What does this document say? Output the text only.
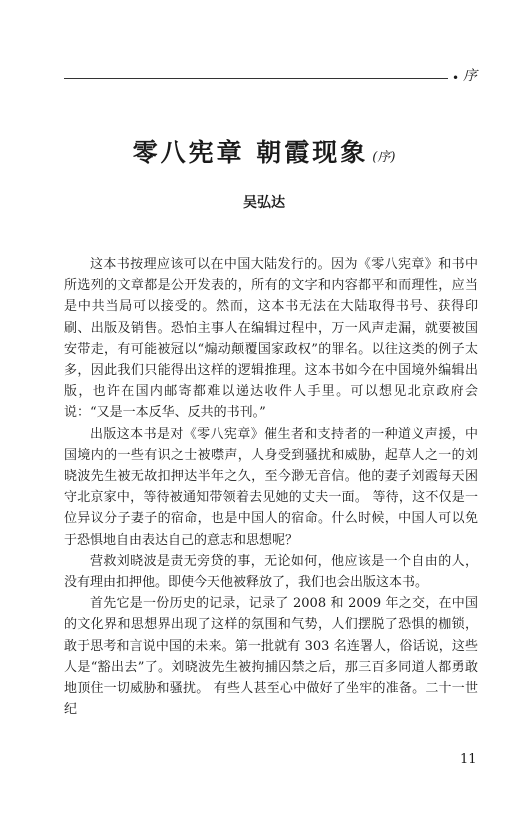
• 序
零八宪章 朝霞现象 (序)
吴弘达

这本书按理应该可以在中国大陆发行的。因为《零八宪章》和书中所选列的文章都是公开发表的，所有的文字和内容都平和而理性，应当是中共当局可以接受的。然而，这本书无法在大陆取得书号、获得印刷、出版及销售。恐怕主事人在编辑过程中，万一风声走漏，就要被国安带走，有可能被冠以“煽动颠覆国家政权”的罪名。以往这类的例子太多，因此我们只能得出这样的逻辑推理。这本书如今在中国境外编辑出版，也许在国内邮寄都难以递达收件人手里。可以想见北京政府会说：“又是一本反华、反共的书刊。”

出版这本书是对《零八宪章》催生者和支持者的一种道义声援，中国境内的一些有识之士被噤声，人身受到骚扰和威胁，起草人之一的刘晓波先生被无故扣押达半年之久，至今渺无音信。他的妻子刘霞每天困守北京家中，等待被通知带领着去见她的丈夫一面。 等待，这不仅是一位异议分子妻子的宿命，也是中国人的宿命。什么时候，中国人可以免于恐惧地自由表达自己的意志和思想呢？

营救刘晓波是责无旁贷的事，无论如何，他应该是一个自由的人，没有理由扣押他。即使今天他被释放了，我们也会出版这本书。

首先它是一份历史的记录，记录了 2008 和 2009 年之交，在中国的文化界和思想界出现了这样的氛围和气势，人们摆脱了恐惧的枷锁， 敢于思考和言说中国的未来。第一批就有 303 名连署人，俗话说，这些人是“豁出去”了。刘晓波先生被拘捕囚禁之后，那三百多同道人都勇敢地顶住一切威胁和骚扰。 有些人甚至心中做好了坐牢的准备。二十一世纪

11
